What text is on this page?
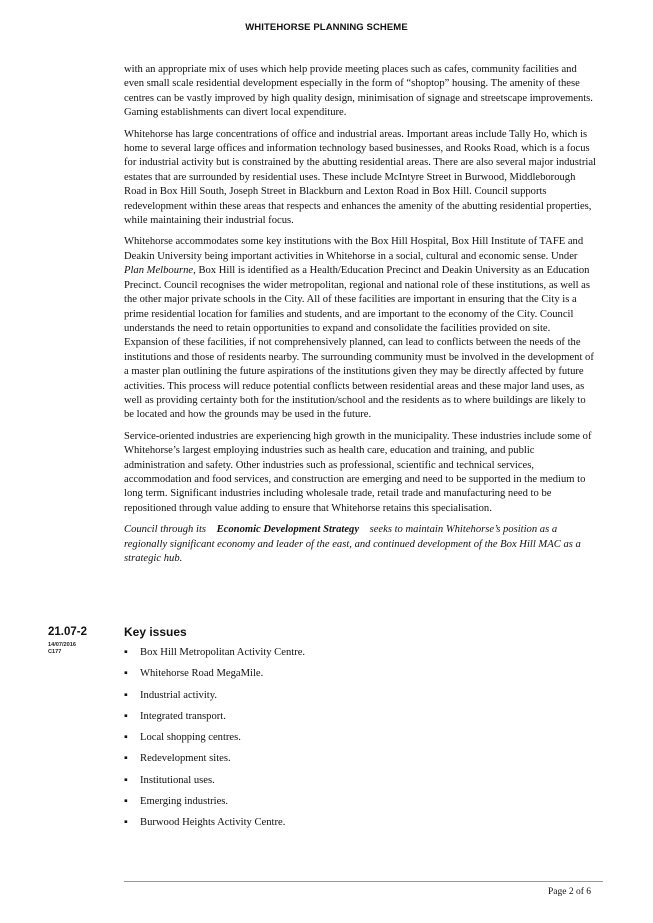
WHITEHORSE PLANNING SCHEME

with an appropriate mix of uses which help provide meeting places such as cafes, community facilities and even small scale residential development especially in the form of “shoptop” housing. The amenity of these centres can be vastly improved by high quality design, minimisation of signage and streetscape improvements. Gaming establishments can divert local expenditure.

Whitehorse has large concentrations of office and industrial areas. Important areas include Tally Ho, which is home to several large offices and information technology based businesses, and Rooks Road, which is a focus for industrial activity but is constrained by the abutting residential areas. There are also several major industrial estates that are surrounded by residential uses. These include McIntyre Street in Burwood, Middleborough Road in Box Hill South, Joseph Street in Blackburn and Lexton Road in Box Hill. Council supports redevelopment within these areas that respects and enhances the amenity of the abutting residential properties, while maintaining their industrial focus.

Whitehorse accommodates some key institutions with the Box Hill Hospital, Box Hill Institute of TAFE and Deakin University being important activities in Whitehorse in a social, cultural and economic sense. Under Plan Melbourne, Box Hill is identified as a Health/Education Precinct and Deakin University as an Education Precinct. Council recognises the wider metropolitan, regional and national role of these institutions, as well as the other major private schools in the City. All of these facilities are important in ensuring that the City is a prime residential location for families and students, and are important to the economy of the City. Council understands the need to retain opportunities to expand and consolidate the facilities provided on site. Expansion of these facilities, if not comprehensively planned, can lead to conflicts between the needs of the institutions and those of residents nearby. The surrounding community must be involved in the development of a master plan outlining the future aspirations of the institutions given they may be directly affected by future activities. This process will reduce potential conflicts between residential areas and these major land uses, as well as providing certainty both for the institution/school and the residents as to where buildings are likely to be located and how the grounds may be used in the future.

Service-oriented industries are experiencing high growth in the municipality. These industries include some of Whitehorse’s largest employing industries such as health care, education and training, and public administration and safety. Other industries such as professional, scientific and technical services, accommodation and food services, and construction are emerging and need to be supported in the medium to long term. Significant industries including wholesale trade, retail trade and manufacturing need to be repositioned through value adding to ensure that Whitehorse retains this specialisation.

Council through its Economic Development Strategy seeks to maintain Whitehorse’s position as a regionally significant economy and leader of the east, and continued development of the Box Hill MAC as a strategic hub.

21.07-2
14/07/2016
C177
Key issues
▪ Box Hill Metropolitan Activity Centre.
▪ Whitehorse Road MegaMile.
▪ Industrial activity.
▪ Integrated transport.
▪ Local shopping centres.
▪ Redevelopment sites.
▪ Institutional uses.
▪ Emerging industries.
▪ Burwood Heights Activity Centre.
Page 2 of 6
